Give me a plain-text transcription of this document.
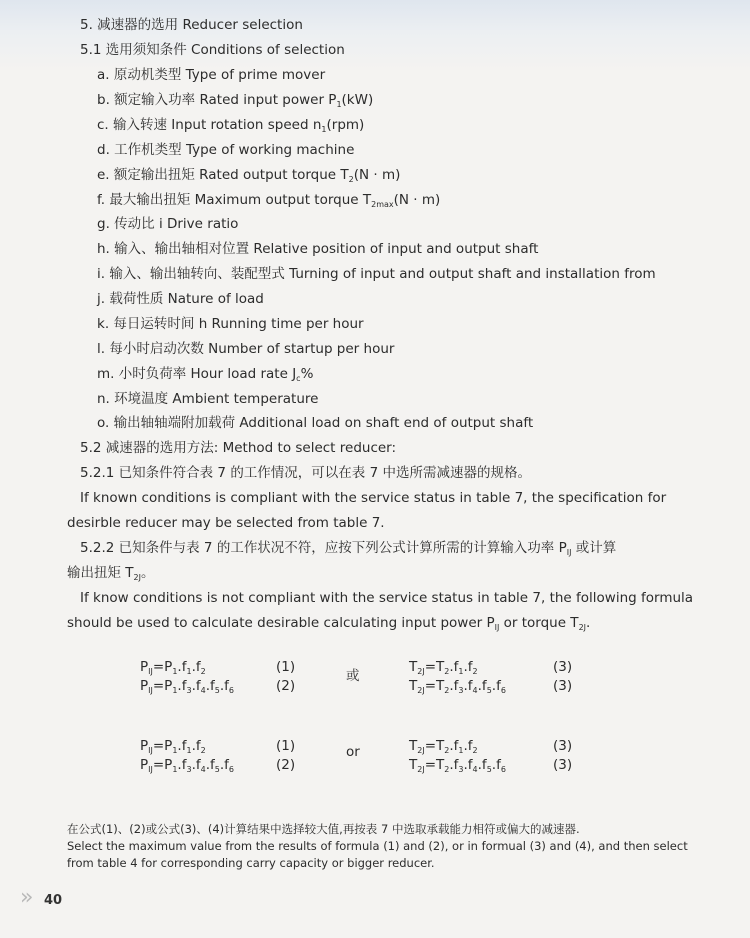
5. 减速器的选用 Reducer selection
5.1 选用须知条件 Conditions of selection
a. 原动机类型 Type of prime mover
b. 额定输入功率 Rated input power $P_1(kW)$
c. 输入转速 Input rotation speed $n_1(rpm)$
d. 工作机类型 Type of working machine
e. 额定输出扭矩 Rated output torque $T_2(N \cdot m)$
f. 最大输出扭矩 Maximum output torque $T_{2max}(N \cdot m)$
g. 传动比 i Drive ratio
h. 输入、输出轴相对位置 Relative position of input and output shaft
i. 输入、输出轴转向、装配型式 Turning of input and output shaft and installation from
j. 载荷性质 Nature of load
k. 每日运转时间 h Running time per hour
l. 每小时启动次数 Number of startup per hour
m. 小时负荷率 Hour load rate $J_c\%$
n. 环境温度 Ambient temperature
o. 输出轴轴端附加载荷 Additional load on shaft end of output shaft
5.2 减速器的选用方法: Method to select reducer:
5.2.1 已知条件符合表 7 的工作情况，可以在表 7 中选所需减速器的规格。
If known conditions is compliant with the service status in table 7, the specification for
desirble reducer may be selected from table 7.
5.2.2 已知条件与表 7 的工作状况不符，应按下列公式计算所需的计算输入功率 $P_{IJ}$ 或计算
输出扭矩 $T_{2J}$。
If know conditions is not compliant with the service status in table 7, the following formula
should be used to calculate desirable calculating input power $P_{IJ}$ or torque $T_{2J}$.
$P_{IJ}=P_1.f_1.f_2$
$P_{IJ}=P_1.f_3.f_4.f_5.f_6$
(1)
(2)
或
$T_{2J}=T_2.f_1.f_2$
$T_{2J}=T_2.f_3.f_4.f_5.f_6$
(3)
(3)
$P_{IJ}=P_1.f_1.f_2$
$P_{IJ}=P_1.f_3.f_4.f_5.f_6$
(1)
(2)
or	$T_{2J}=T_2.f_1.f_2$
$T_{2J}=T_2.f_3.f_4.f_5.f_6$
(3)
(3)
在公式(1)、(2)或公式(3)、(4)计算结果中选择较大值,再按表 7 中选取承载能力相符或偏大的减速器.
Select the maximum value from the results of formula (1) and (2), or in formual (3) and (4), and then select
from table 4 for corresponding carry capacity or bigger reducer.
» 40
